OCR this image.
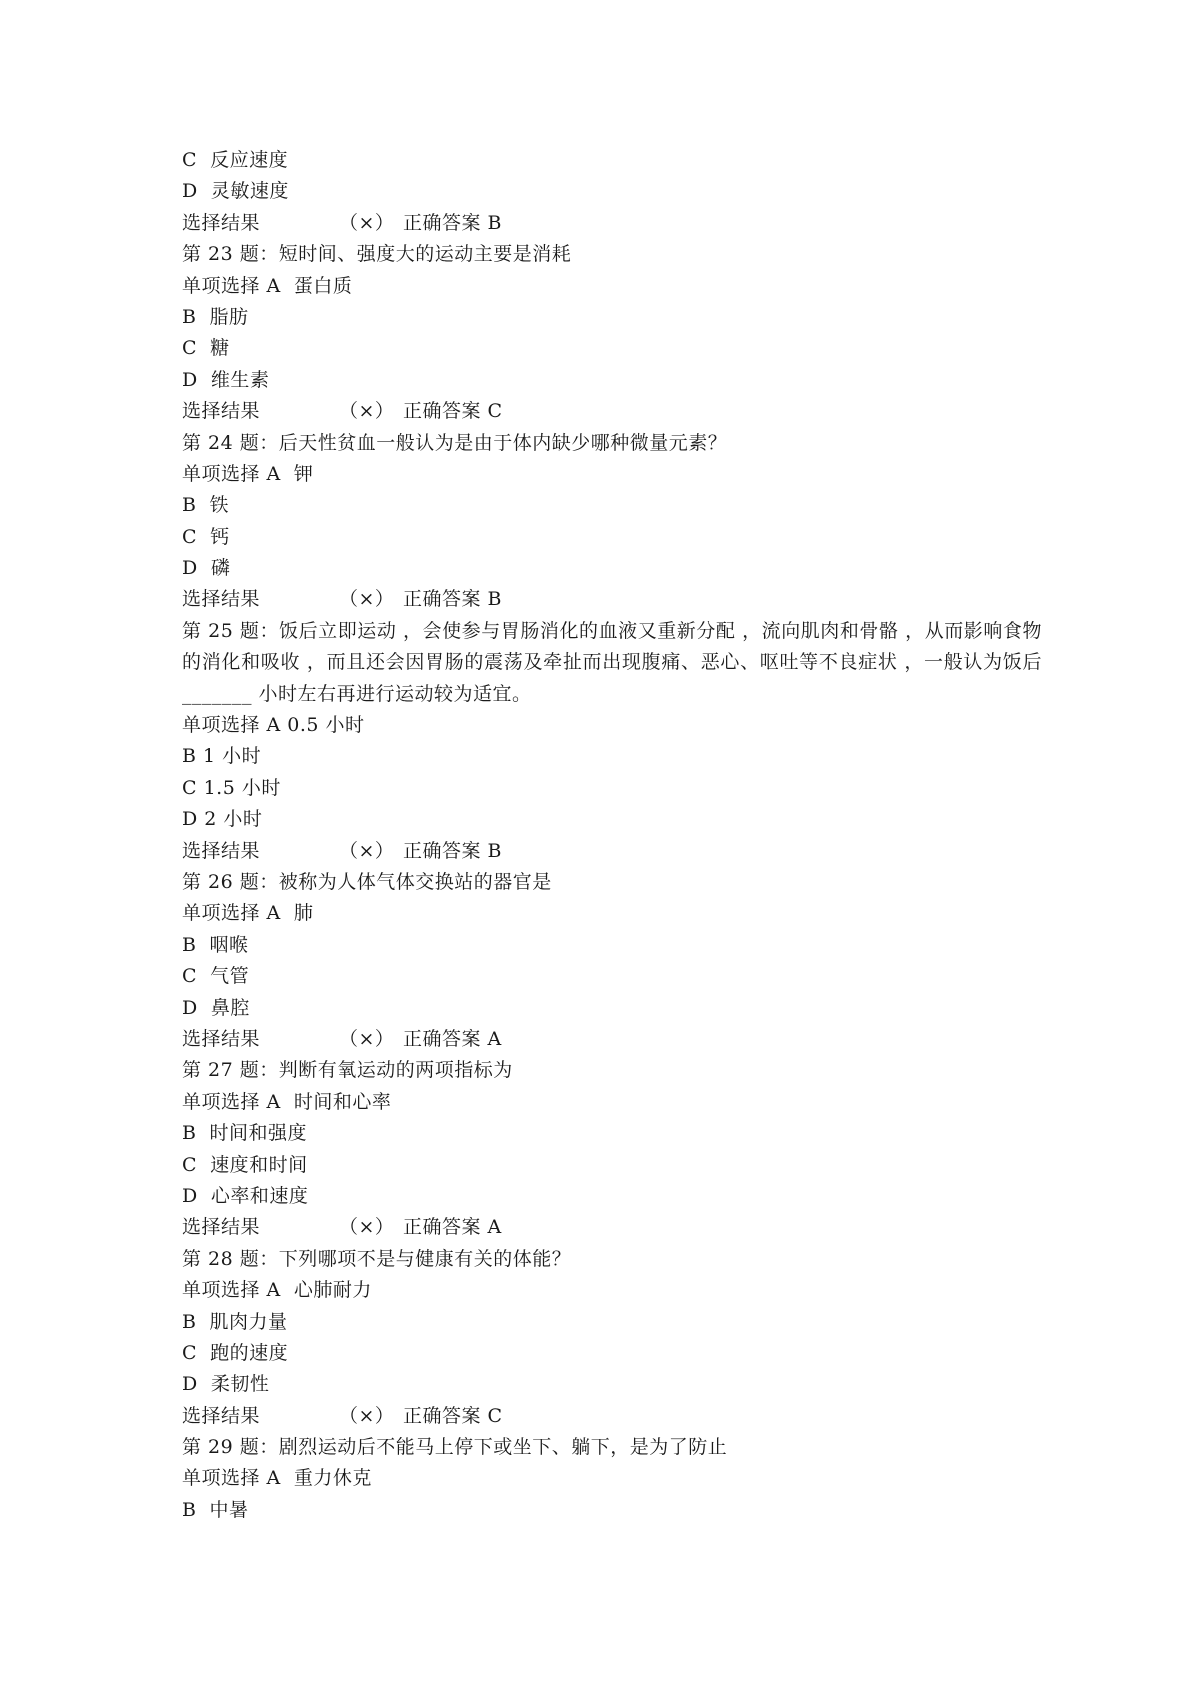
C  反应速度
D  灵敏速度
选择结果	（×） 正确答案 B
第 23 题：短时间、强度大的运动主要是消耗
单项选择 A  蛋白质
B  脂肪
C  糖
D  维生素
选择结果	（×） 正确答案 C
第 24 题：后天性贫血一般认为是由于体内缺少哪种微量元素？
单项选择 A  钾
B  铁
C  钙
D  磷
选择结果	（×） 正确答案 B
第 25 题：饭后立即运动 ，会使参与胃肠消化的血液又重新分配 ，流向肌肉和骨骼 ，从而影响食物的消化和吸收 ，而且还会因胃肠的震荡及牵扯而出现腹痛、恶心、呕吐等不良症状 ，一般认为饭后 _______ 小时左右再进行运动较为适宜。
单项选择 A 0.5 小时
B 1 小时
C 1.5 小时
D 2 小时
选择结果	（×） 正确答案 B
第 26 题：被称为人体气体交换站的器官是
单项选择 A  肺
B  咽喉
C  气管
D  鼻腔
选择结果	（×） 正确答案 A
第 27 题：判断有氧运动的两项指标为
单项选择 A  时间和心率
B  时间和强度
C  速度和时间
D  心率和速度
选择结果	（×） 正确答案 A
第 28 题：下列哪项不是与健康有关的体能？
单项选择 A  心肺耐力
B  肌肉力量
C  跑的速度
D  柔韧性
选择结果	（×） 正确答案 C
第 29 题：剧烈运动后不能马上停下或坐下、躺下，是为了防止
单项选择 A  重力休克
B  中暑
